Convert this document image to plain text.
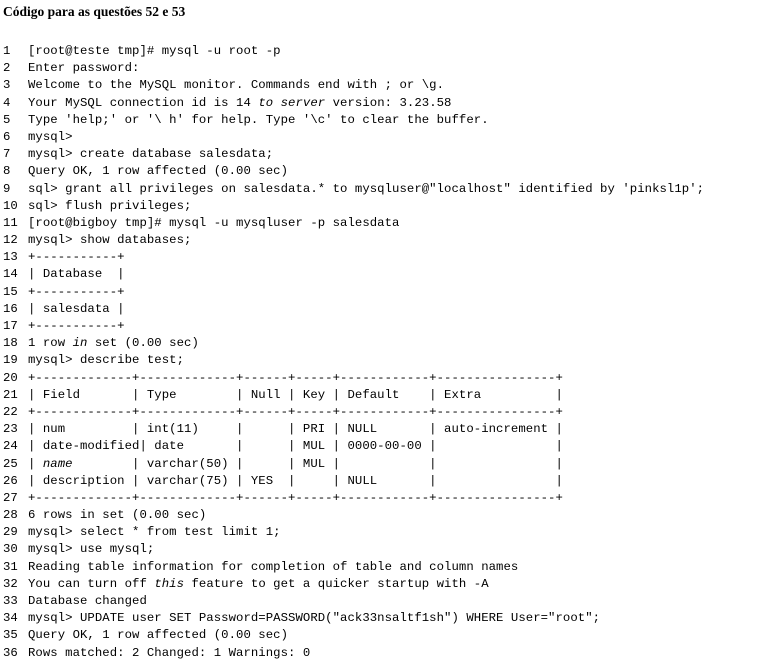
Código para as questões 52 e 53
1 [root@teste tmp]# mysql -u root -p
2 Enter password:
3 Welcome to the MySQL monitor. Commands end with ; or \g.
4 Your MySQL connection id is 14 to server version: 3.23.58
5 Type 'help;' or '\ h' for help. Type '\c' to clear the buffer.
6 mysql>
7 mysql> create database salesdata;
8 Query OK, 1 row affected (0.00 sec)
9 sql> grant all privileges on salesdata.* to mysqluser@"localhost" identified by 'pinksl1p';
10 sql> flush privileges;
11 [root@bigboy tmp]# mysql -u mysqluser -p salesdata
12 mysql> show databases;
13 +-----------+
14 | Database  |
15 +-----------+
16 | salesdata |
17 +-----------+
18 1 row in set (0.00 sec)
19 mysql> describe test;
20 +-------------+-------------+------+-----+------------+----------------+
21 | Field       | Type        | Null | Key | Default    | Extra          |
22 +-------------+-------------+------+-----+------------+----------------+
23 | num         | int(11)     |      | PRI | NULL       | auto-increment |
24 | date-modified| date       |      | MUL | 0000-00-00 |                |
25 | name        | varchar(50) |      | MUL |            |                |
26 | description | varchar(75) | YES  |     | NULL       |                |
27 +-------------+-------------+------+-----+------------+----------------+
28 6 rows in set (0.00 sec)
29 mysql> select * from test limit 1;
30 mysql> use mysql;
31 Reading table information for completion of table and column names
32 You can turn off this feature to get a quicker startup with -A
33 Database changed
34 mysql> UPDATE user SET Password=PASSWORD("ack33nsaltf1sh") WHERE User="root";
35 Query OK, 1 row affected (0.00 sec)
36 Rows matched: 2 Changed: 1 Warnings: 0
